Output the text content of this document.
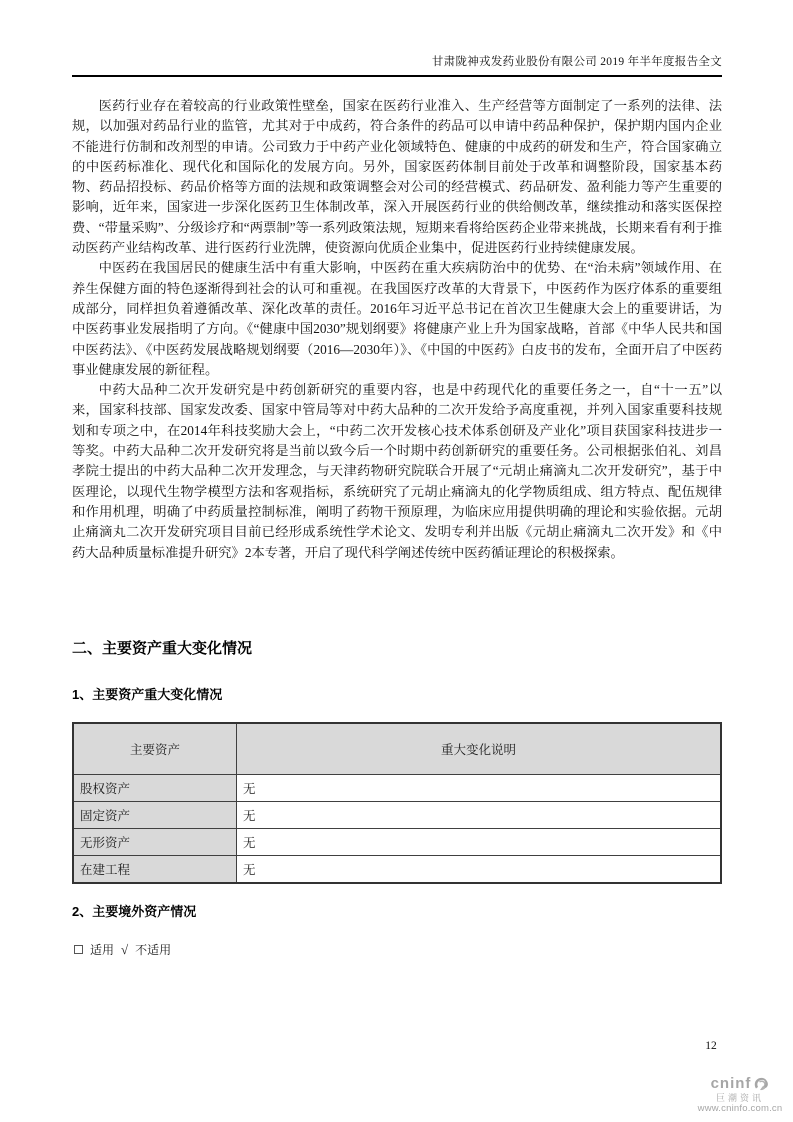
甘肃陇神戎发药业股份有限公司 2019 年半年度报告全文

医药行业存在着较高的行业政策性壁垒，国家在医药行业准入、生产经营等方面制定了一系列的法律、法规，以加强对药品行业的监管，尤其对于中成药，符合条件的药品可以申请中药品种保护，保护期内国内企业不能进行仿制和改剂型的申请。公司致力于中药产业化领域特色、健康的中成药的研发和生产，符合国家确立的中医药标准化、现代化和国际化的发展方向。另外，国家医药体制目前处于改革和调整阶段，国家基本药物、药品招投标、药品价格等方面的法规和政策调整会对公司的经营模式、药品研发、盈利能力等产生重要的影响，近年来，国家进一步深化医药卫生体制改革，深入开展医药行业的供给侧改革，继续推动和落实医保控费、“带量采购”、分级诊疗和“两票制”等一系列政策法规，短期来看将给医药企业带来挑战，长期来看有利于推动医药产业结构改革、进行医药行业洗牌，使资源向优质企业集中，促进医药行业持续健康发展。

中医药在我国居民的健康生活中有重大影响，中医药在重大疾病防治中的优势、在“治未病”领域作用、在养生保健方面的特色逐渐得到社会的认可和重视。在我国医疗改革的大背景下，中医药作为医疗体系的重要组成部分，同样担负着遵循改革、深化改革的责任。2016年习近平总书记在首次卫生健康大会上的重要讲话，为中医药事业发展指明了方向。《“健康中国2030”规划纲要》将健康产业上升为国家战略，首部《中华人民共和国中医药法》、《中医药发展战略规划纲要（2016—2030年）》、《中国的中医药》白皮书的发布，全面开启了中医药事业健康发展的新征程。

中药大品种二次开发研究是中药创新研究的重要内容，也是中药现代化的重要任务之一，自“十一五”以来，国家科技部、国家发改委、国家中管局等对中药大品种的二次开发给予高度重视，并列入国家重要科技规划和专项之中，在2014年科技奖励大会上，“中药二次开发核心技术体系创研及产业化”项目获国家科技进步一等奖。中药大品种二次开发研究将是当前以致今后一个时期中药创新研究的重要任务。公司根据张伯礼、刘昌孝院士提出的中药大品种二次开发理念，与天津药物研究院联合开展了“元胡止痛滴丸二次开发研究”，基于中医理论，以现代生物学模型方法和客观指标，系统研究了元胡止痛滴丸的化学物质组成、组方特点、配伍规律和作用机理，明确了中药质量控制标准，阐明了药物干预原理，为临床应用提供明确的理论和实验依据。元胡止痛滴丸二次开发研究项目目前已经形成系统性学术论文、发明专利并出版《元胡止痛滴丸二次开发》和《中药大品种质量标准提升研究》2本专著，开启了现代科学阐述传统中医药循证理论的积极探索。

二、主要资产重大变化情况
1、主要资产重大变化情况
主要资产	重大变化说明
股权资产	无
固定资产	无
无形资产	无
在建工程	无
2、主要境外资产情况
适用 √ 不适用
12
cninf
巨潮资讯
www.cninfo.com.cn
